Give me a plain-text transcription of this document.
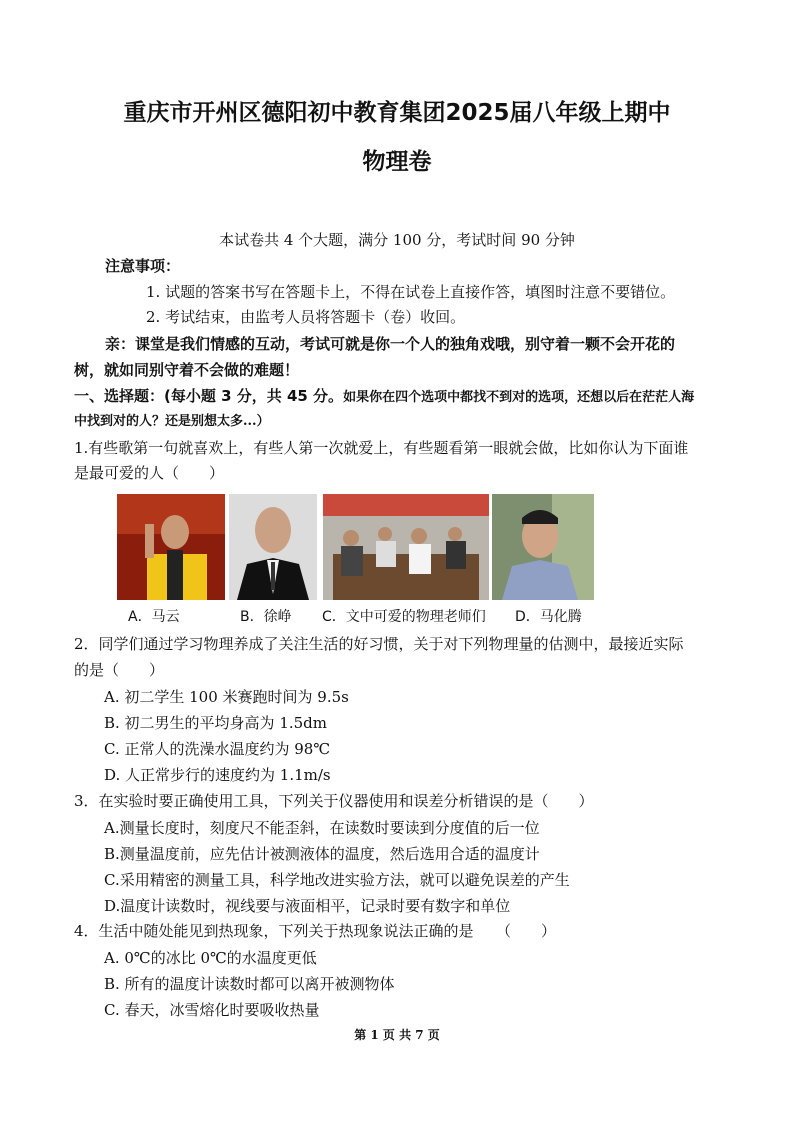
重庆市开州区德阳初中教育集团2025届八年级上期中
物理卷
本试卷共 4 个大题，满分 100 分，考试时间 90 分钟
注意事项：
1. 试题的答案书写在答题卡上，不得在试卷上直接作答，填图时注意不要错位。
2. 考试结束，由监考人员将答题卡（卷）收回。
亲：课堂是我们情感的互动，考试可就是你一个人的独角戏哦，别守着一颗不会开花的
树，就如同别守着不会做的难题！
一、选择题：(每小题 3 分，共 45 分。如果你在四个选项中都找不到对的选项，还想以后在茫茫人海
中找到对的人？还是别想太多...）
1.有些歌第一句就喜欢上，有些人第一次就爱上，有些题看第一眼就会做，比如你认为下面谁
是最可爱的人（　　）
A．马云	B．徐峥 C．文中可爱的物理老师们 D．马化腾
2．同学们通过学习物理养成了关注生活的好习惯，关于对下列物理量的估测中，最接近实际
的是（　　）
A. 初二学生 100 米赛跑时间为 9.5s
B. 初二男生的平均身高为 1.5dm
C. 正常人的洗澡水温度约为 98℃
D. 人正常步行的速度约为 1.1m/s
3．在实验时要正确使用工具，下列关于仪器使用和误差分析错误的是（　　）
A.测量长度时，刻度尺不能歪斜，在读数时要读到分度值的后一位
B.测量温度前，应先估计被测液体的温度，然后选用合适的温度计
C.采用精密的测量工具，科学地改进实验方法，就可以避免误差的产生
D.温度计读数时，视线要与液面相平，记录时要有数字和单位
4．生活中随处能见到热现象，下列关于热现象说法正确的是　　（　　）
A. 0℃的冰比 0℃的水温度更低
B. 所有的温度计读数时都可以离开被测物体
C. 春天，冰雪熔化时要吸收热量
第 1 页 共 7 页
